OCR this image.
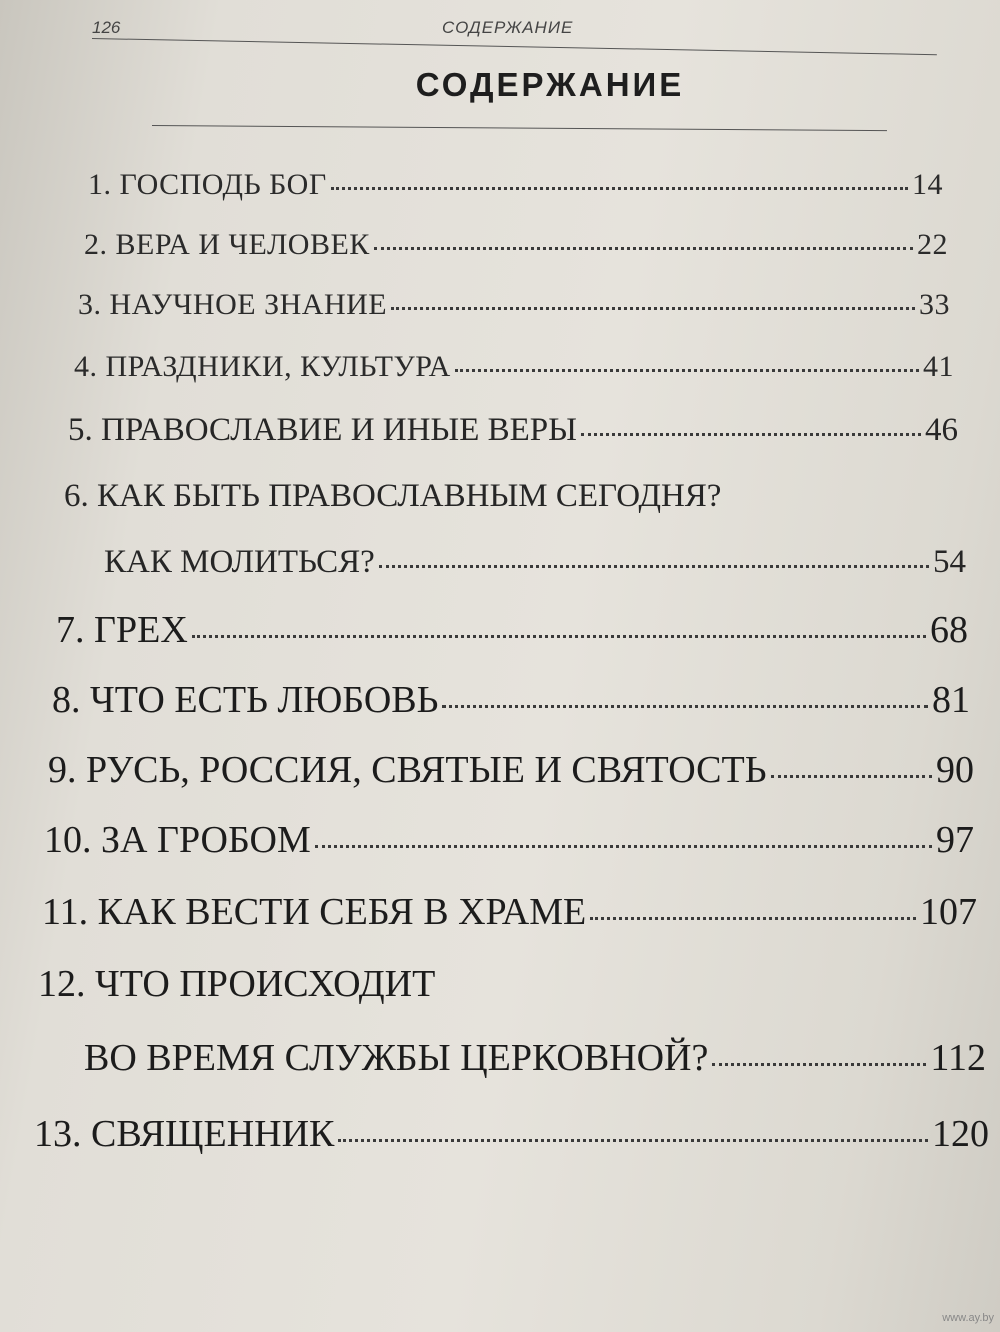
126	СОДЕРЖАНИЕ
СОДЕРЖАНИЕ
1. ГОСПОДЬ БОГ	14
2. ВЕРА И ЧЕЛОВЕК	22
3. НАУЧНОЕ ЗНАНИЕ	33
4. ПРАЗДНИКИ, КУЛЬТУРА	41
5. ПРАВОСЛАВИЕ И ИНЫЕ ВЕРЫ	46
6. КАК БЫТЬ ПРАВОСЛАВНЫМ СЕГОДНЯ?
КАК МОЛИТЬСЯ?	54
7. ГРЕХ	68
8. ЧТО ЕСТЬ ЛЮБОВЬ	81
9. РУСЬ, РОССИЯ, СВЯТЫЕ И СВЯТОСТЬ	90
10. ЗА ГРОБОМ	97
11. КАК ВЕСТИ СЕБЯ В ХРАМЕ	107
12. ЧТО ПРОИСХОДИТ
ВО ВРЕМЯ СЛУЖБЫ ЦЕРКОВНОЙ?	112
13. СВЯЩЕННИК	120
www.ay.by
